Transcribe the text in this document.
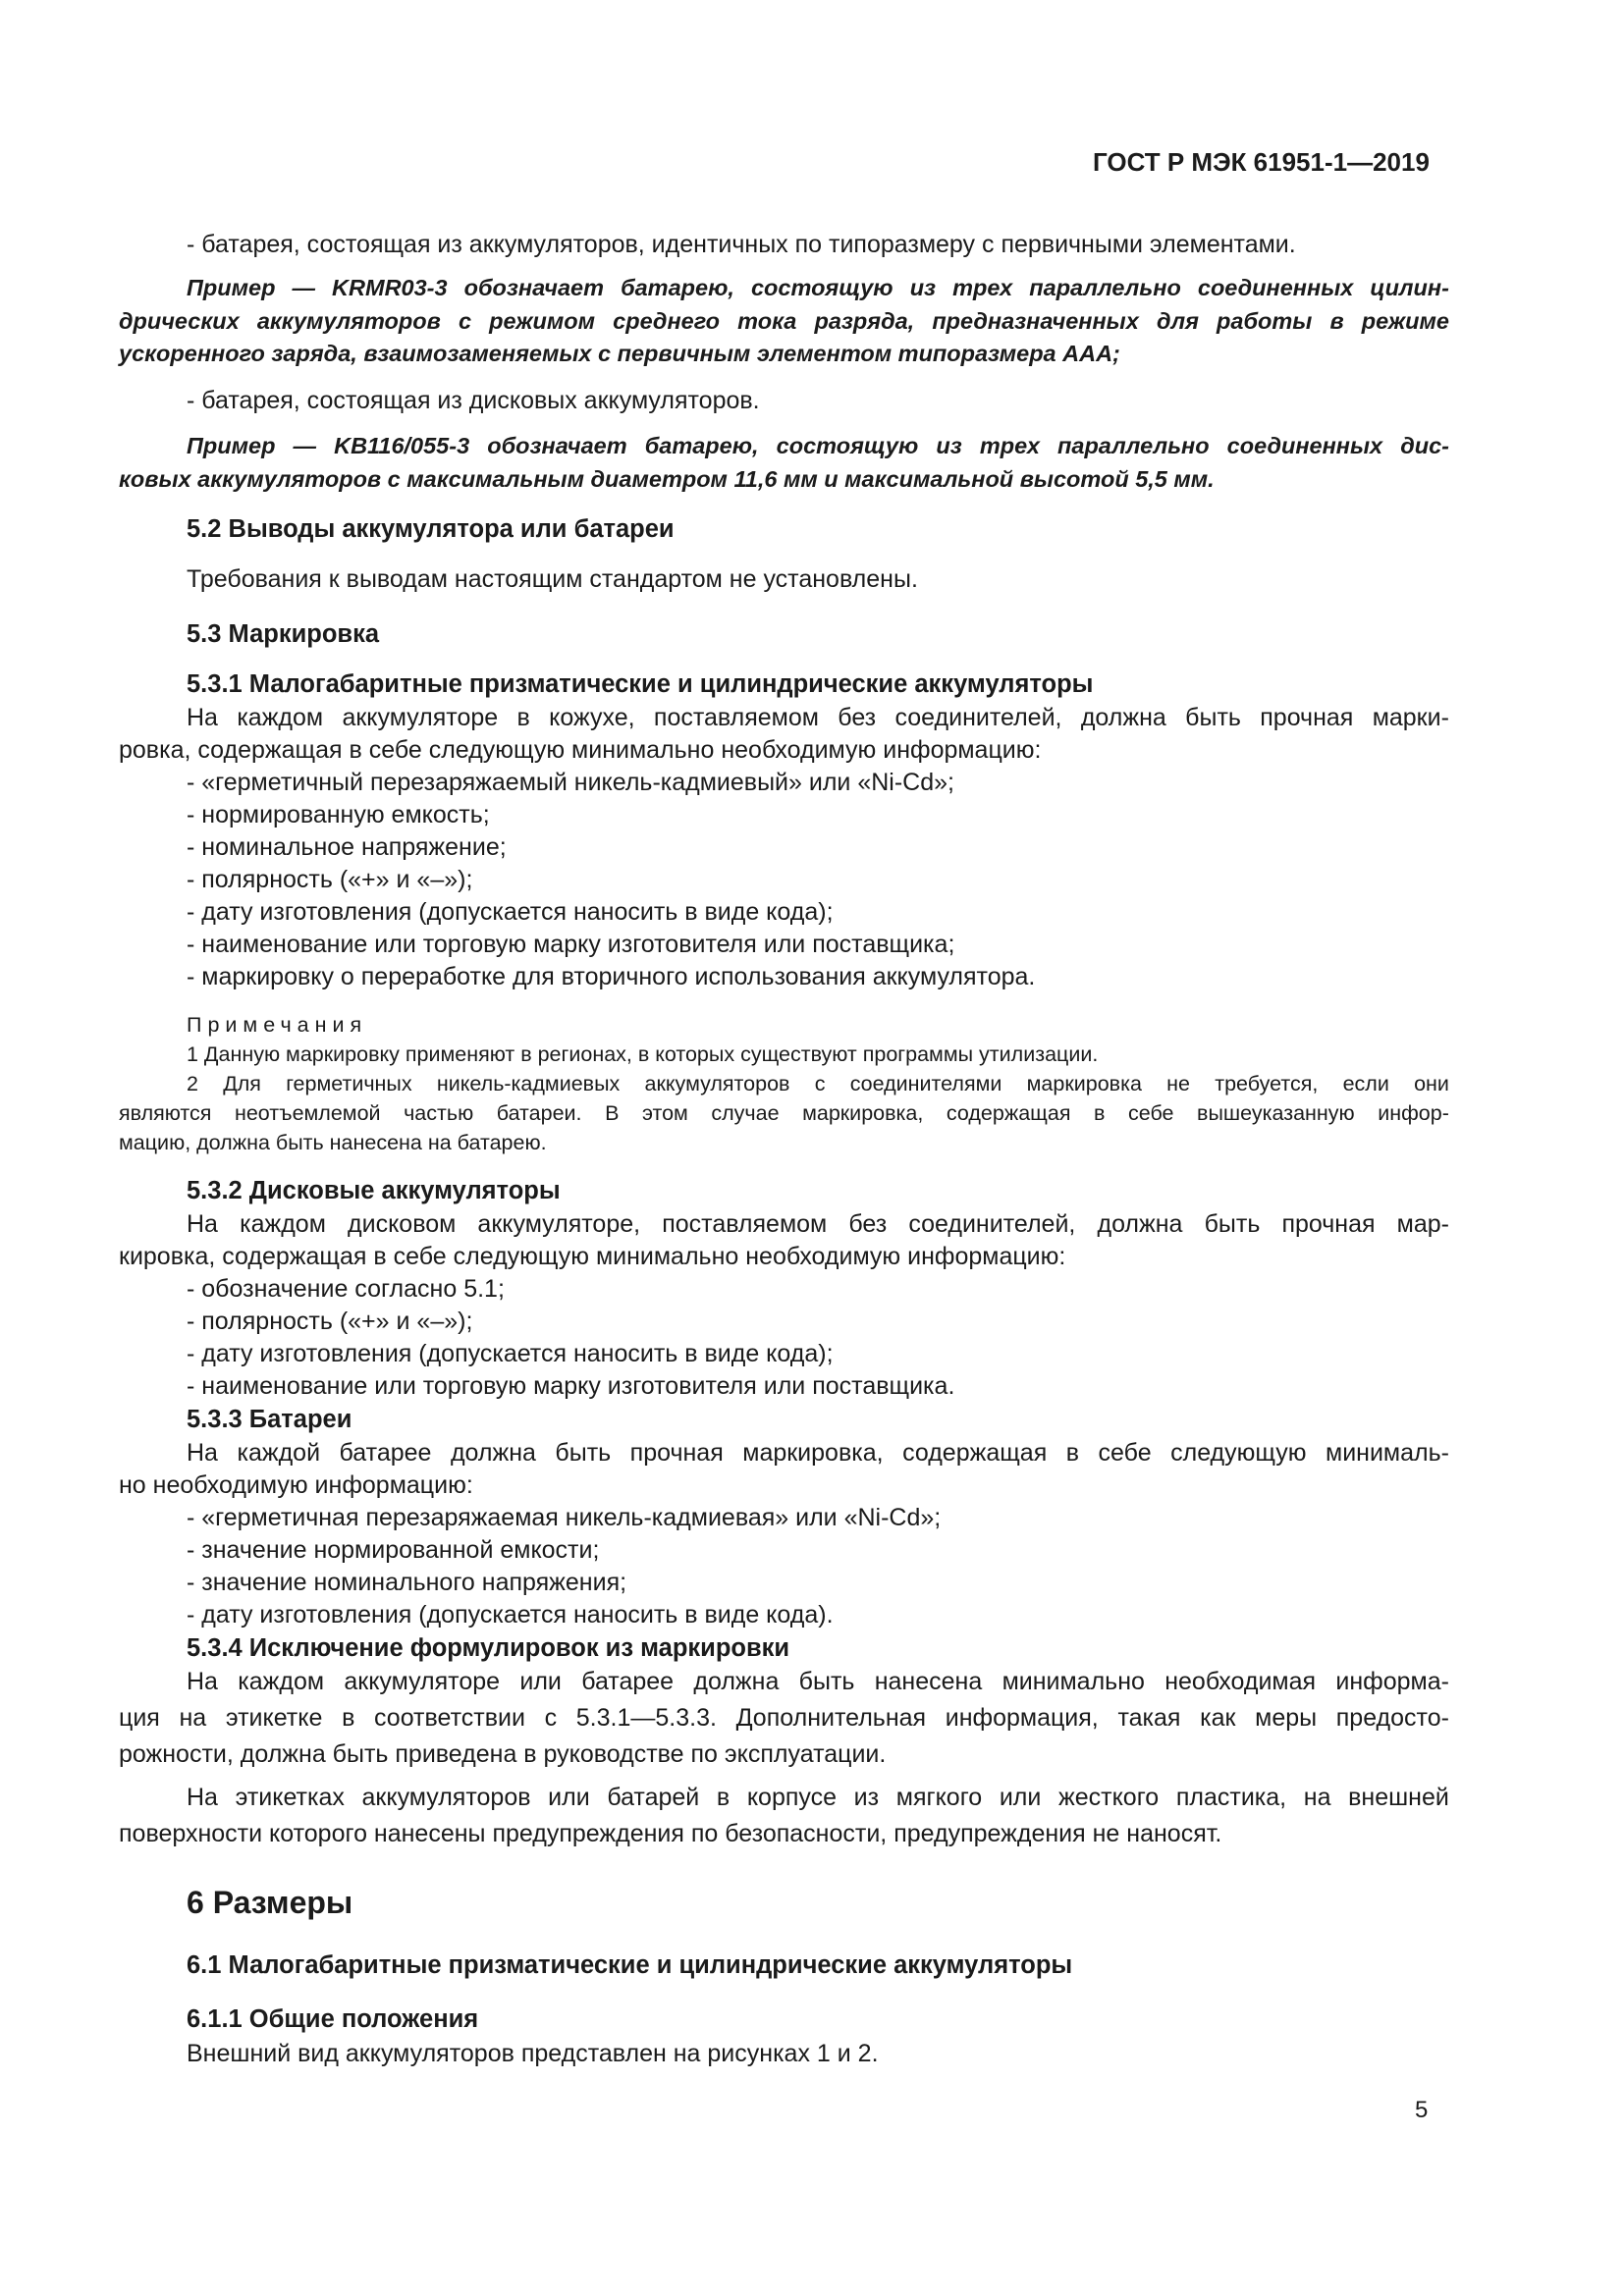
ГОСТ Р МЭК 61951-1—2019
- батарея, состоящая из аккумуляторов, идентичных по типоразмеру с первичными элементами.
Пример — KRMR03-3 обозначает батарею, состоящую из трех параллельно соединенных цилин-
дрических аккумуляторов с режимом среднего тока разряда, предназначенных для работы в режиме
ускоренного заряда, взаимозаменяемых с первичным элементом типоразмера AAA;
- батарея, состоящая из дисковых аккумуляторов.
Пример — KB116/055-3 обозначает батарею, состоящую из трех параллельно соединенных дис-
ковых аккумуляторов с максимальным диаметром 11,6 мм и максимальной высотой 5,5 мм.
5.2 Выводы аккумулятора или батареи
Требования к выводам настоящим стандартом не установлены.
5.3 Маркировка
5.3.1 Малогабаритные призматические и цилиндрические аккумуляторы
На каждом аккумуляторе в кожухе, поставляемом без соединителей, должна быть прочная марки-
ровка, содержащая в себе следующую минимально необходимую информацию:
- «герметичный перезаряжаемый никель-кадмиевый» или «Ni-Cd»;
- нормированную емкость;
- номинальное напряжение;
- полярность («+» и «–»);
- дату изготовления (допускается наносить в виде кода);
- наименование или торговую марку изготовителя или поставщика;
- маркировку о переработке для вторичного использования аккумулятора.
Примечания
1 Данную маркировку применяют в регионах, в которых существуют программы утилизации.
2 Для герметичных никель-кадмиевых аккумуляторов с соединителями маркировка не требуется, если они
являются неотъемлемой частью батареи. В этом случае маркировка, содержащая в себе вышеуказанную инфор-
мацию, должна быть нанесена на батарею.
5.3.2 Дисковые аккумуляторы
На каждом дисковом аккумуляторе, поставляемом без соединителей, должна быть прочная мар-
кировка, содержащая в себе следующую минимально необходимую информацию:
- обозначение согласно 5.1;
- полярность («+» и «–»);
- дату изготовления (допускается наносить в виде кода);
- наименование или торговую марку изготовителя или поставщика.
5.3.3 Батареи
На каждой батарее должна быть прочная маркировка, содержащая в себе следующую минималь-
но необходимую информацию:
- «герметичная перезаряжаемая никель-кадмиевая» или «Ni-Cd»;
- значение нормированной емкости;
- значение номинального напряжения;
- дату изготовления (допускается наносить в виде кода).
5.3.4 Исключение формулировок из маркировки
На каждом аккумуляторе или батарее должна быть нанесена минимально необходимая информа-
ция на этикетке в соответствии с 5.3.1—5.3.3. Дополнительная информация, такая как меры предосто-
рожности, должна быть приведена в руководстве по эксплуатации.
На этикетках аккумуляторов или батарей в корпусе из мягкого или жесткого пластика, на внешней
поверхности которого нанесены предупреждения по безопасности, предупреждения не наносят.
6 Размеры
6.1 Малогабаритные призматические и цилиндрические аккумуляторы
6.1.1 Общие положения
Внешний вид аккумуляторов представлен на рисунках 1 и 2.
5
